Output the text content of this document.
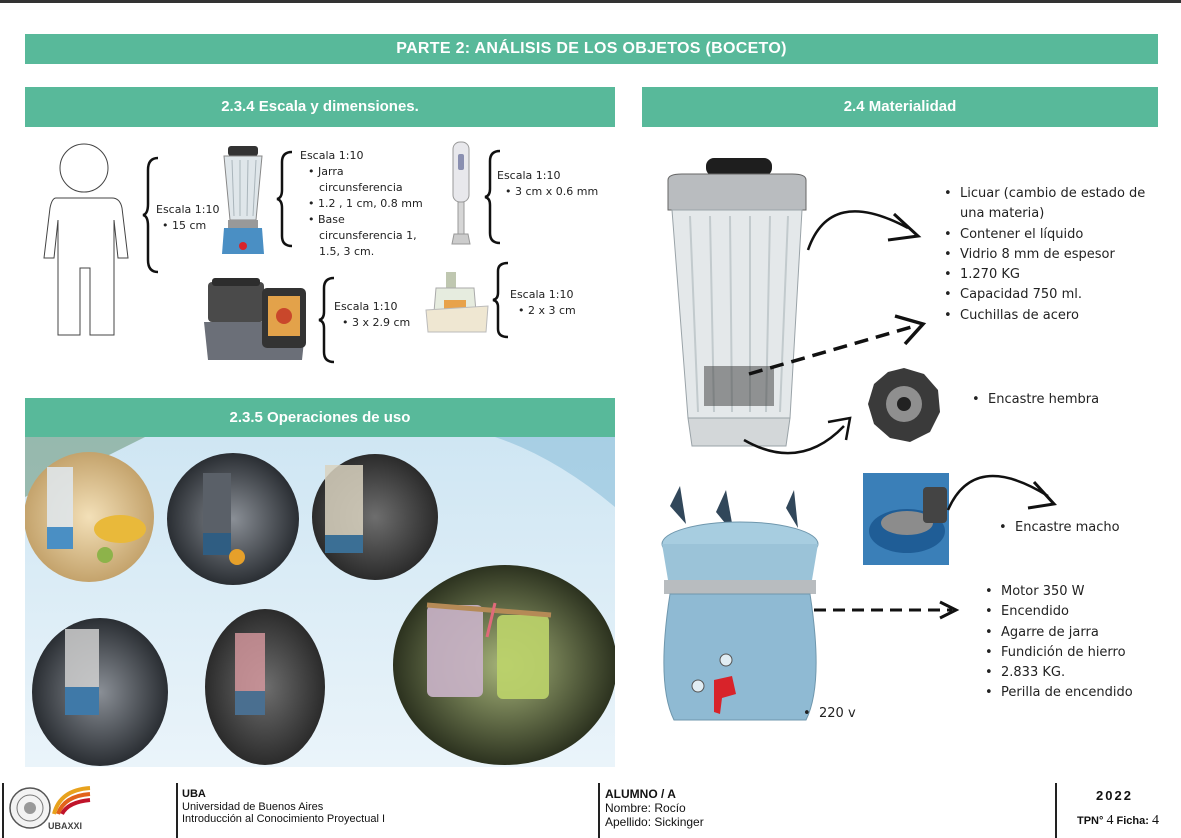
PARTE 2: ANÁLISIS DE LOS OBJETOS (BOCETO)
2.3.4 Escala y dimensiones.
Escala 1:10
• 15 cm
Escala 1:10
• Jarra
circunsferencia
• 1.2 , 1 cm, 0.8 mm
• Base
circunsferencia 1,
1.5, 3 cm.
Escala 1:10
• 3 cm x 0.6 mm
Escala 1:10
• 3 x 2.9 cm
Escala 1:10
• 2 x 3 cm
2.3.5 Operaciones de uso
2.4 Materialidad
• Licuar (cambio de estado de
una materia)
• Contener el líquido
• Vidrio 8 mm de espesor
• 1.270 KG
• Capacidad 750 ml.
• Cuchillas de acero
• Encastre hembra
• Encastre macho
• Motor 350 W
• Encendido
• Agarre de jarra
• Fundición de hierro
• 2.833 KG.
• Perilla de encendido
• 220 v
UBAXXI
UBA
Universidad de Buenos Aires
Introducción al Conocimiento Proyectual I
ALUMNO / A
Nombre: Rocío
Apellido: Sickinger
2022
TPN° 4 Ficha: 4
